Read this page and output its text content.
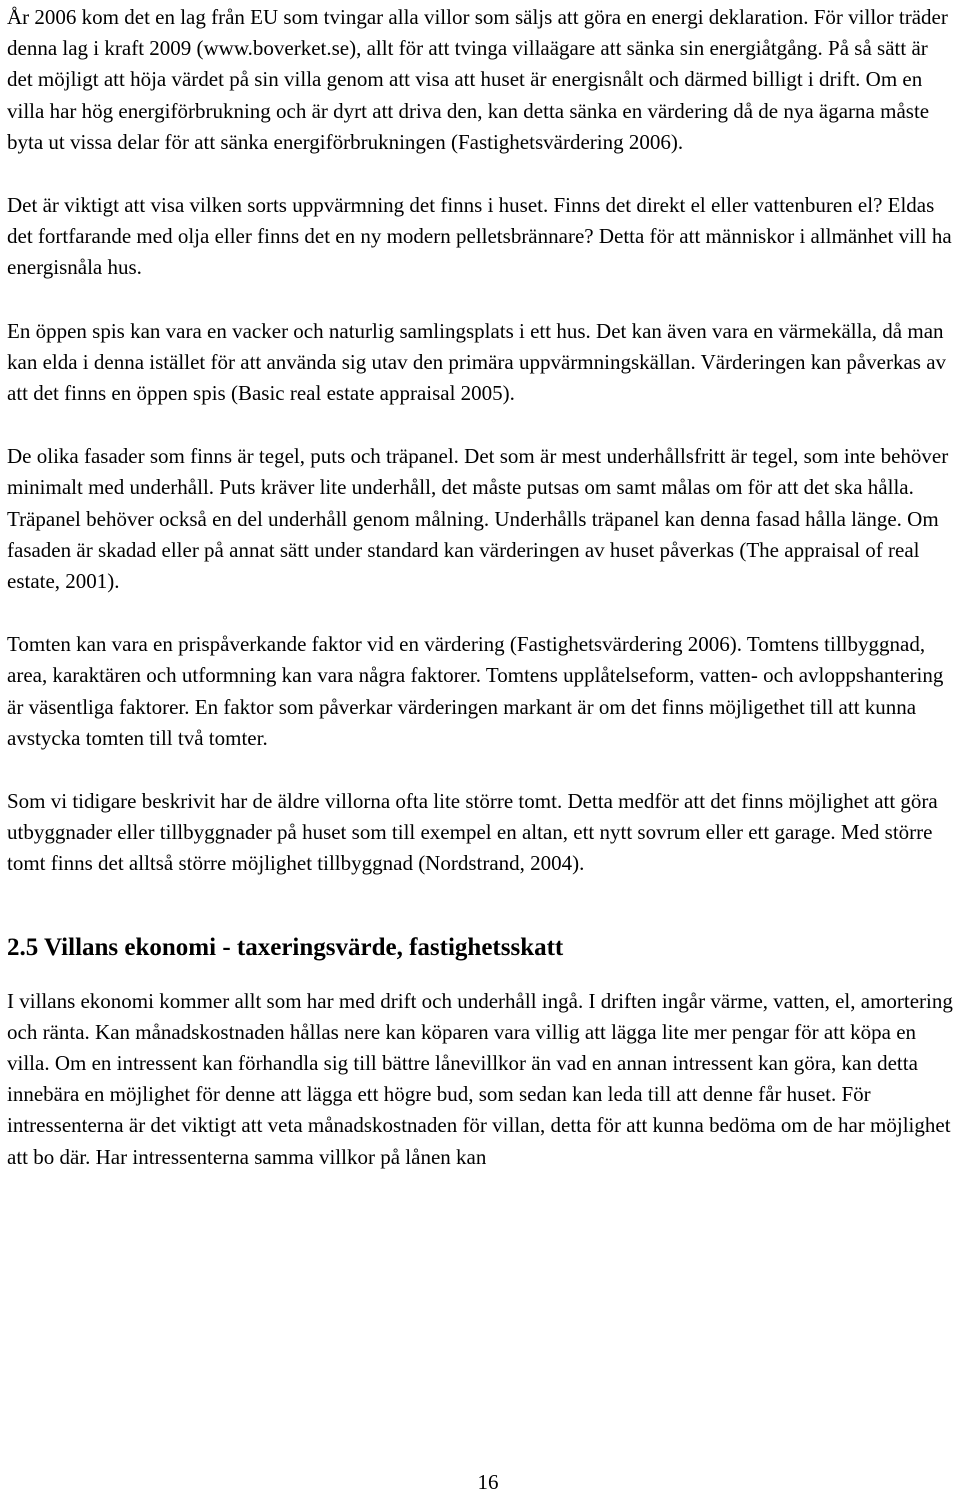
År 2006 kom det en lag från EU som tvingar alla villor som säljs att göra en energi deklaration. För villor träder denna lag i kraft 2009 (www.boverket.se), allt för att tvinga villaägare att sänka sin energiåtgång. På så sätt är det möjligt att höja värdet på sin villa genom att visa att huset är energisnålt och därmed billigt i drift. Om en villa har hög energiförbrukning och är dyrt att driva den, kan detta sänka en värdering då de nya ägarna måste byta ut vissa delar för att sänka energiförbrukningen (Fastighetsvärdering 2006).

Det är viktigt att visa vilken sorts uppvärmning det finns i huset. Finns det direkt el eller vattenburen el? Eldas det fortfarande med olja eller finns det en ny modern pelletsbrännare? Detta för att människor i allmänhet vill ha energisnåla hus.

En öppen spis kan vara en vacker och naturlig samlingsplats i ett hus. Det kan även vara en värmekälla, då man kan elda i denna istället för att använda sig utav den primära uppvärmningskällan. Värderingen kan påverkas av att det finns en öppen spis (Basic real estate appraisal 2005).

De olika fasader som finns är tegel, puts och träpanel. Det som är mest underhållsfritt är tegel, som inte behöver minimalt med underhåll. Puts kräver lite underhåll, det måste putsas om samt målas om för att det ska hålla. Träpanel behöver också en del underhåll genom målning. Underhålls träpanel kan denna fasad hålla länge. Om fasaden är skadad eller på annat sätt under standard kan värderingen av huset påverkas (The appraisal of real estate, 2001).

Tomten kan vara en prispåverkande faktor vid en värdering (Fastighetsvärdering 2006). Tomtens tillbyggnad, area, karaktären och utformning kan vara några faktorer. Tomtens upplåtelseform, vatten- och avloppshantering är väsentliga faktorer. En faktor som påverkar värderingen markant är om det finns möjligethet till att kunna avstycka tomten till två tomter.

Som vi tidigare beskrivit har de äldre villorna ofta lite större tomt. Detta medför att det finns möjlighet att göra utbyggnader eller tillbyggnader på huset som till exempel en altan, ett nytt sovrum eller ett garage. Med större tomt finns det alltså större möjlighet tillbyggnad (Nordstrand, 2004).

2.5 Villans ekonomi - taxeringsvärde, fastighetsskatt

I villans ekonomi kommer allt som har med drift och underhåll ingå. I driften ingår värme, vatten, el, amortering och ränta. Kan månadskostnaden hållas nere kan köparen vara villig att lägga lite mer pengar för att köpa en villa. Om en intressent kan förhandla sig till bättre lånevillkor än vad en annan intressent kan göra, kan detta innebära en möjlighet för denne att lägga ett högre bud, som sedan kan leda till att denne får huset. För intressenterna är det viktigt att veta månadskostnaden för villan, detta för att kunna bedöma om de har möjlighet att bo där. Har intressenterna samma villkor på lånen kan

16
